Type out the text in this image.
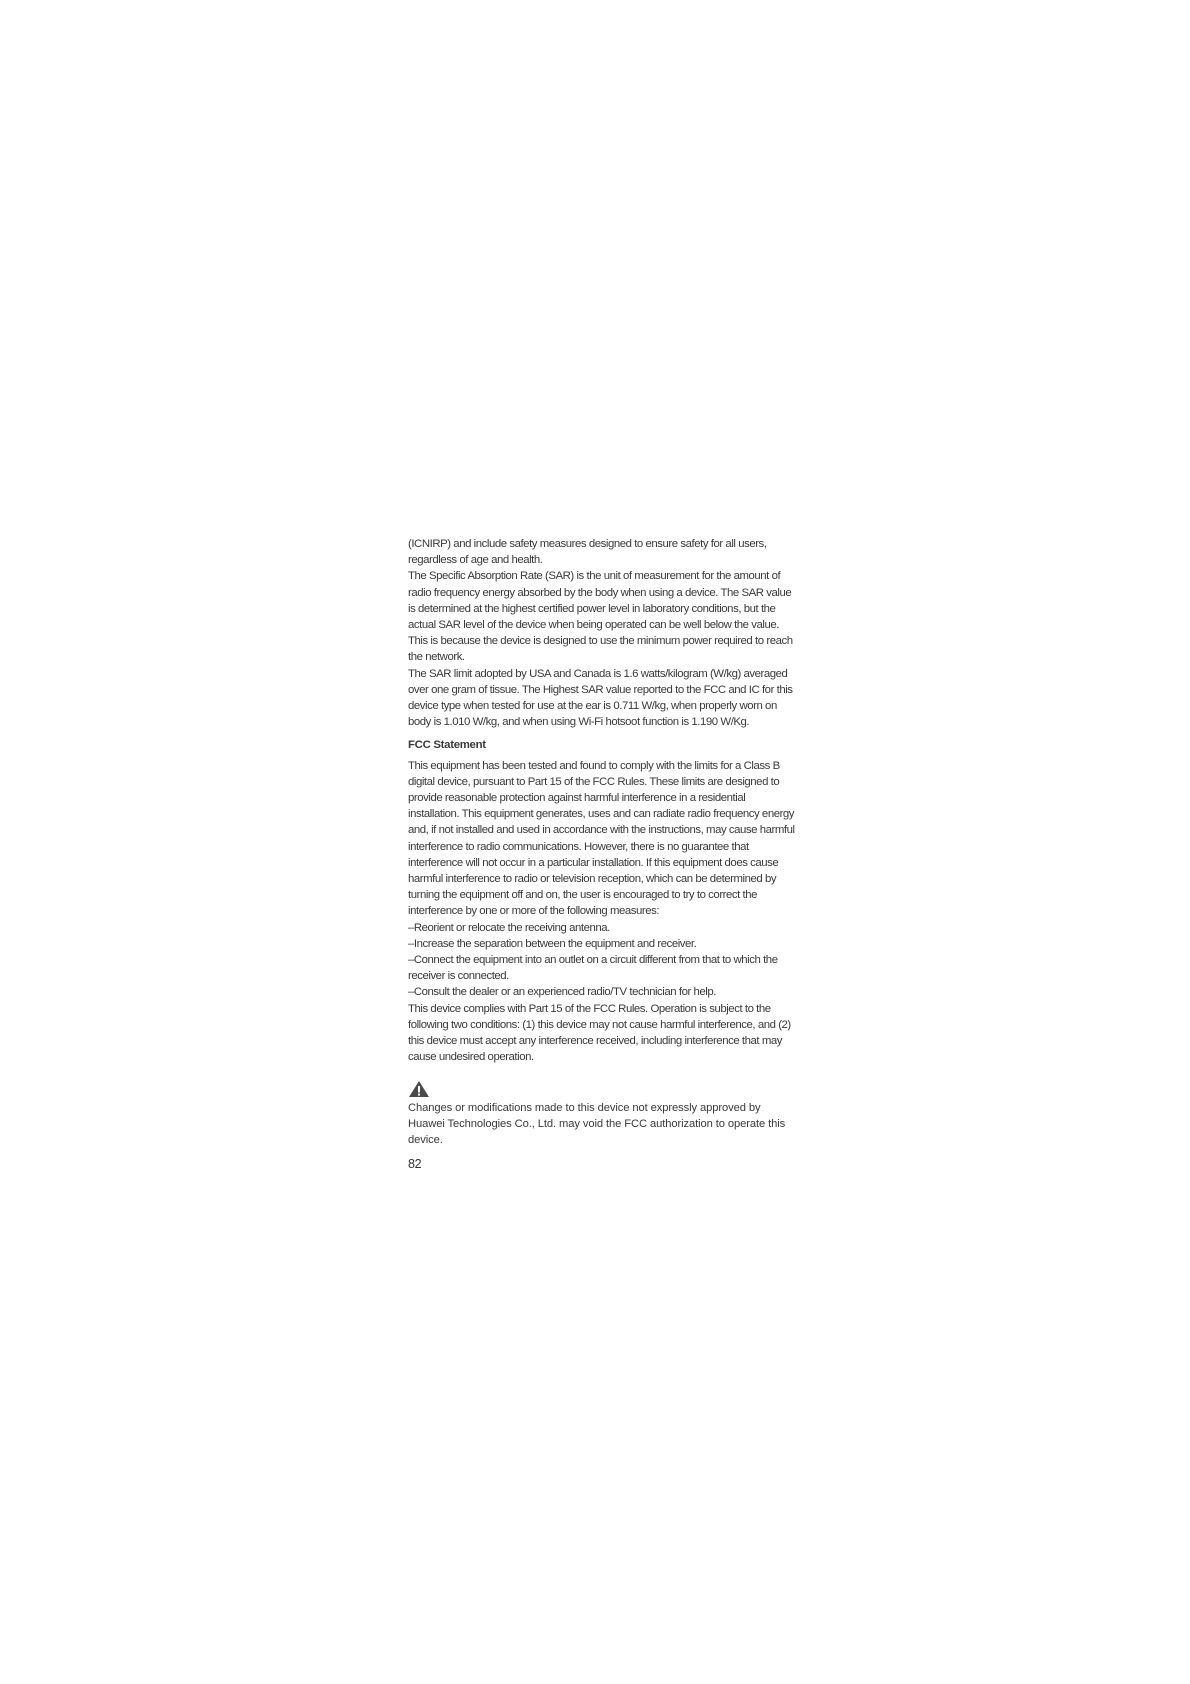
(ICNIRP) and include safety measures designed to ensure safety for all users, regardless of age and health.

The Specific Absorption Rate (SAR) is the unit of measurement for the amount of radio frequency energy absorbed by the body when using a device. The SAR value is determined at the highest certified power level in laboratory conditions, but the actual SAR level of the device when being operated can be well below the value. This is because the device is designed to use the minimum power required to reach the network.

The SAR limit adopted by USA and Canada is 1.6 watts/kilogram (W/kg) averaged over one gram of tissue. The Highest SAR value reported to the FCC and IC for this device type when tested for use at the ear is 0.711 W/kg, when properly worn on body is 1.010 W/kg, and when using Wi-Fi hotsoot function is 1.190 W/Kg.

FCC Statement

This equipment has been tested and found to comply with the limits for a Class B digital device, pursuant to Part 15 of the FCC Rules. These limits are designed to provide reasonable protection against harmful interference in a residential installation. This equipment generates, uses and can radiate radio frequency energy and, if not installed and used in accordance with the instructions, may cause harmful interference to radio communications. However, there is no guarantee that interference will not occur in a particular installation. If this equipment does cause harmful interference to radio or television reception, which can be determined by turning the equipment off and on, the user is encouraged to try to correct the interference by one or more of the following measures:

–Reorient or relocate the receiving antenna.

–Increase the separation between the equipment and receiver.

–Connect the equipment into an outlet on a circuit different from that to which the receiver is connected.

–Consult the dealer or an experienced radio/TV technician for help.

This device complies with Part 15 of the FCC Rules. Operation is subject to the following two conditions: (1) this device may not cause harmful interference, and (2) this device must accept any interference received, including interference that may cause undesired operation.

Changes or modifications made to this device not expressly approved by Huawei Technologies Co., Ltd. may void the FCC authorization to operate this device.

82
